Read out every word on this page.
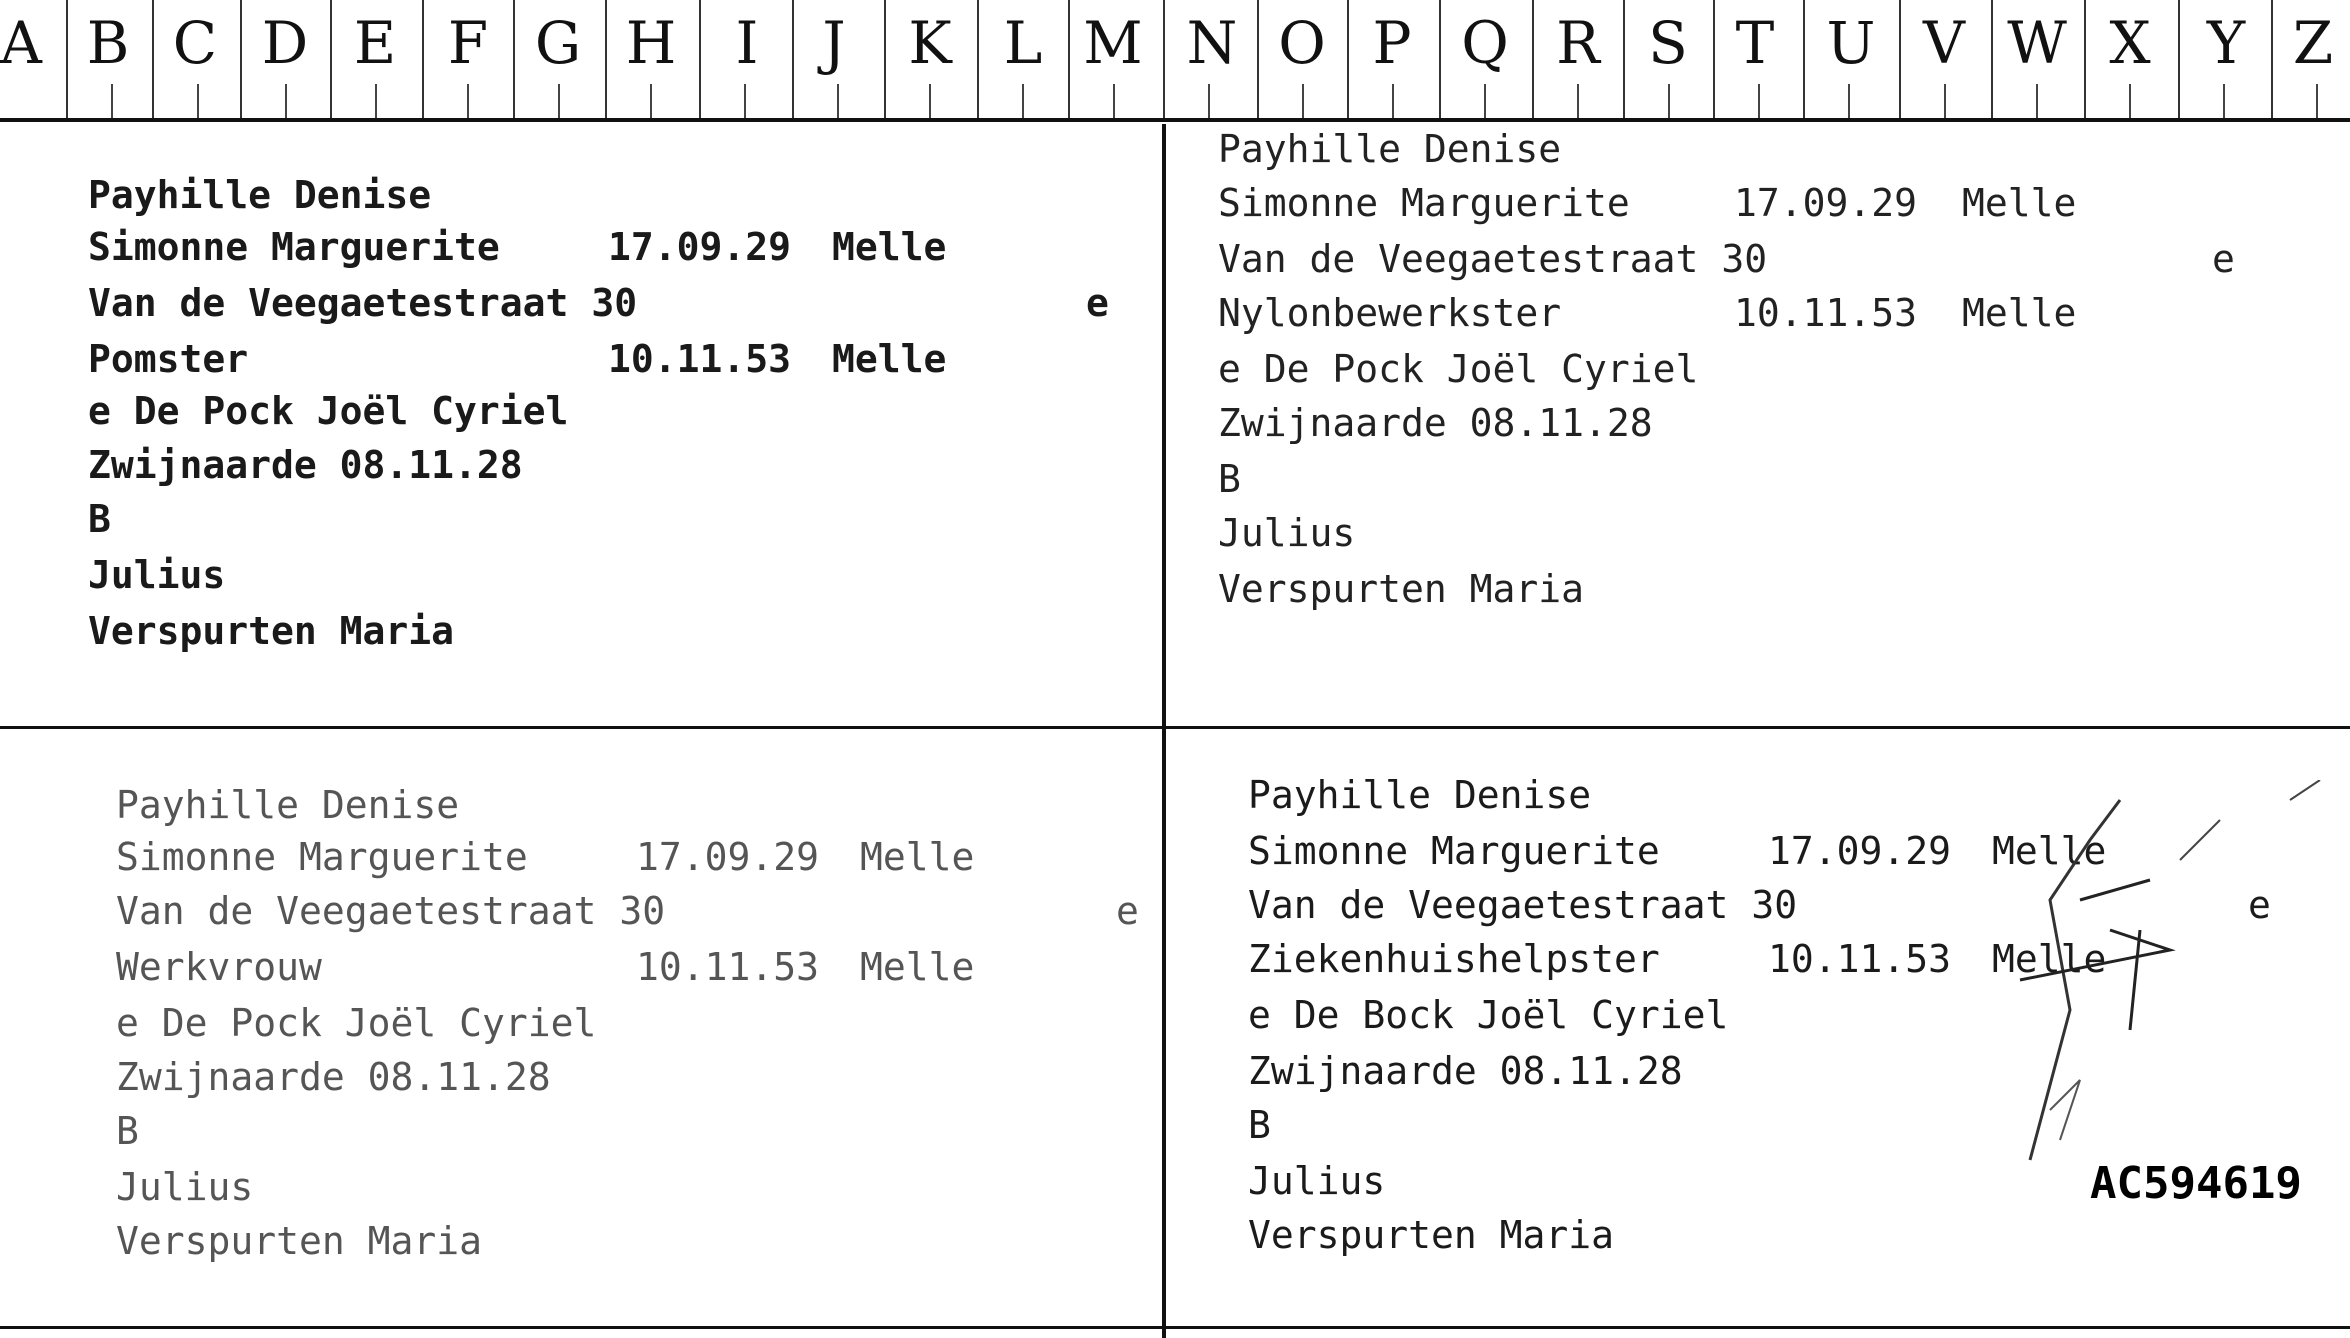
A B C D E F G H I J K L M N O P Q R S T U V W X Y Z
Payhille Denise
Simonne Marguerite	17.09.29 Melle
Van de Veegaetestraat 30	e
Pomster	10.11.53 Melle
e De Pock Joël Cyriel
Zwijnaarde 08.11.28
B
Julius
Verspurten Maria
Payhille Denise
Simonne Marguerite	17.09.29 Melle
Van de Veegaetestraat 30	e
Nylonbewerkster	10.11.53 Melle
e De Pock Joël Cyriel
Zwijnaarde 08.11.28
B
Julius
Verspurten Maria
Payhille Denise
Simonne Marguerite	17.09.29 Melle
Van de Veegaetestraat 30	e
Werkvrouw	10.11.53 Melle
e De Pock Joël Cyriel
Zwijnaarde 08.11.28
B
Julius
Verspurten Maria
Payhille Denise
Simonne Marguerite	17.09.29 Melle
Van de Veegaetestraat 30	e
Ziekenhuishelpster	10.11.53 Melle
e De Bock Joël Cyriel
Zwijnaarde 08.11.28
B
Julius	AC594619
Verspurten Maria
